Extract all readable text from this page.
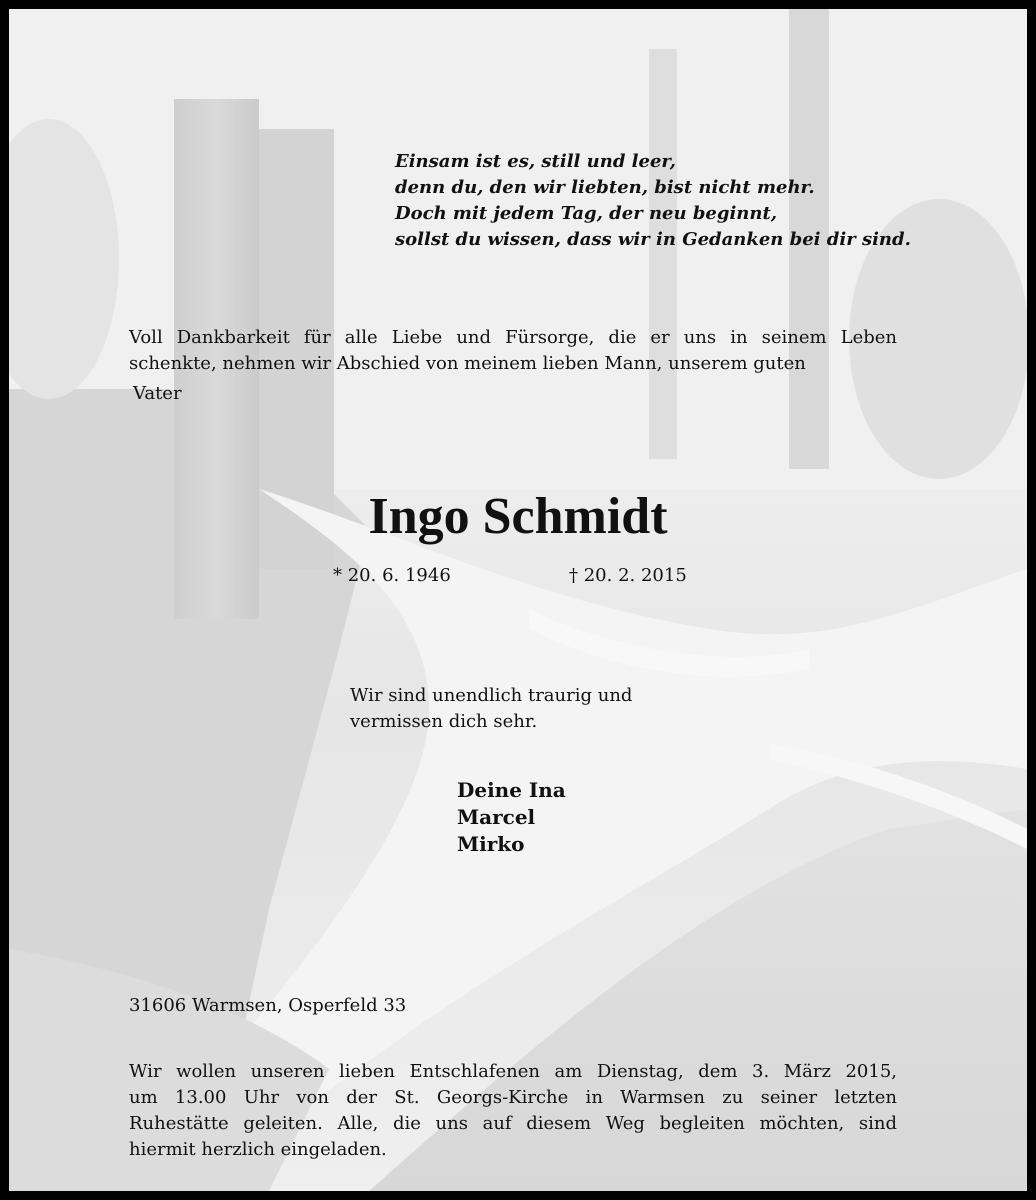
Einsam ist es, still und leer,
denn du, den wir liebten, bist nicht mehr.
Doch mit jedem Tag, der neu beginnt,
sollst du wissen, dass wir in Gedanken bei dir sind.
Voll Dankbarkeit für alle Liebe und Fürsorge, die er uns in seinem Leben
schenkte, nehmen wir Abschied von meinem lieben Mann, unserem guten
Vater
Ingo Schmidt
* 20. 6. 1946	† 20. 2. 2015
Wir sind unendlich traurig und
vermissen dich sehr.
Deine Ina
Marcel
Mirko
31606 Warmsen, Osperfeld 33
Wir wollen unseren lieben Entschlafenen am Dienstag, dem 3. März 2015,
um 13.00 Uhr von der St. Georgs-Kirche in Warmsen zu seiner letzten
Ruhestätte geleiten. Alle, die uns auf diesem Weg begleiten möchten, sind
hiermit herzlich eingeladen.
